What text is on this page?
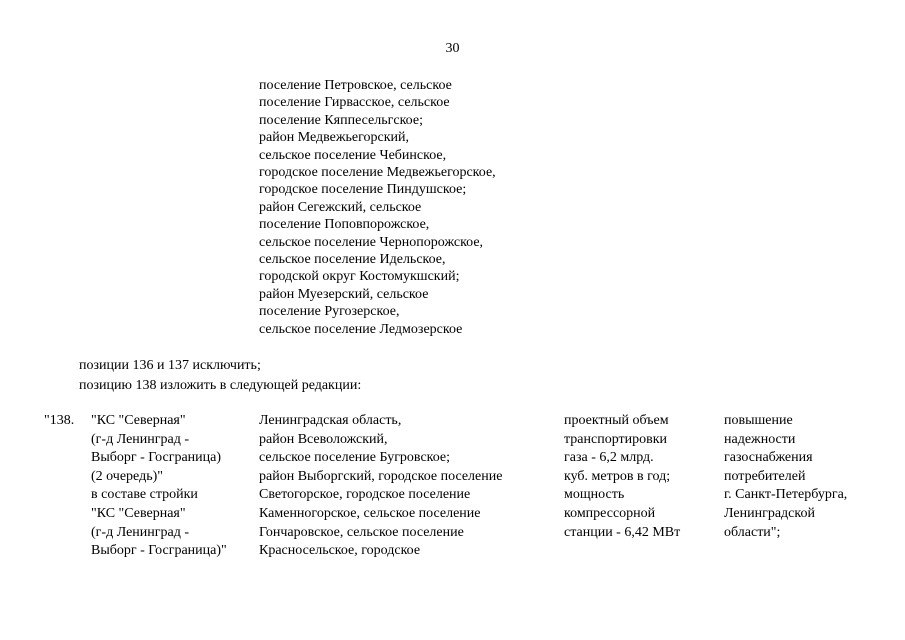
30
поселение Петровское, сельское
поселение Гирвасское, сельское
поселение Кяппесельгское;
район Медвежьегорский,
сельское поселение Чебинское,
городское поселение Медвежьегорское,
городское поселение Пиндушское;
район Сегежский, сельское
поселение Поповпорожское,
сельское поселение Чернопорожское,
сельское поселение Идельское,
городской округ Костомукшский;
район Муезерский, сельское
поселение Ругозерское,
сельское поселение Ледмозерское
позиции 136 и 137 исключить;
позицию 138 изложить в следующей редакции:
"138. "КС "Северная"
(г-д Ленинград -
Выборг - Госграница)
(2 очередь)"
в составе стройки
"КС "Северная"
(г-д Ленинград -
Выборг - Госграница)"
Ленинградская область,
район Всеволожский,
сельское поселение Бугровское;
район Выборгский, городское поселение
Светогорское, городское поселение
Каменногорское, сельское поселение
Гончаровское, сельское поселение
Красносельское, городское
проектный объем
транспортировки
газа - 6,2 млрд.
куб. метров в год;
мощность
компрессорной
станции - 6,42 МВт
повышение
надежности
газоснабжения
потребителей
г. Санкт-Петербурга,
Ленинградской
области";
